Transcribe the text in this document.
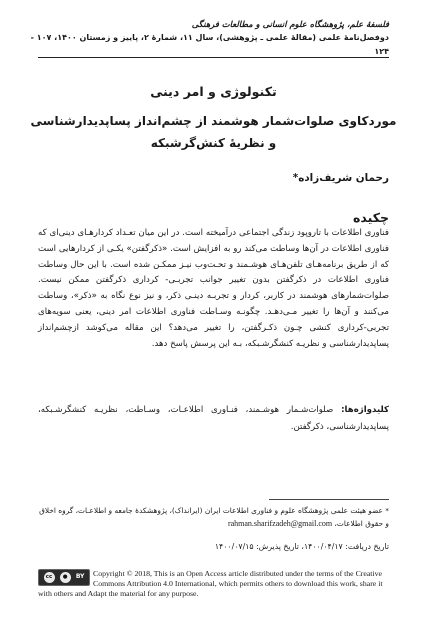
فلسفهٔ علم، پژوهشگاه علوم انسانی و مطالعات فرهنگی
دوفصل‌نامهٔ علمی (مقالهٔ علمی ـ پژوهشی)، سال ۱۱، شمارهٔ ۲، پاییز و زمستان ۱۴۰۰، ۱۰۷ - ۱۲۴
تکنولوژی و امر دینی
موردکاوی صلوات‌شمار هوشمند از چشم‌انداز پساپدیدارشناسی
و نظریهٔ کنش‌گرشبکه
رحمان شریف‌زاده*
چکیده
فناوری اطلاعات با تاروپود زندگی اجتماعی درآمیخته است. در این میان تعـداد کردارهـای دینی‌ای که فناوری اطلاعات در آن‌ها وساطت می‌کند رو به افزایش است. «ذکرگفتن» یکـی از کردارهایی است که از طریق برنامه‌هـای تلفن‌هـای هوشـمند و تحـت‌وب نیـز ممکـن شده است. با این حال وساطت فناوری اطلاعات در ذکرگفتن بدون تغییر جوانب تجربـی- کرداری ذکرگفتن ممکن نیست. صلوات‌شمارهای هوشمند در کاربر، کردار و تجربـه دینـی ذکر، و نیز نوع نگاه به «ذکر»، وساطت می‌کنند و آن‌ها را تغییر مـی‌دهـد. چگونـه وسـاطت فناوری اطلاعات امر دینی، یعنی سویه‌های تجربی-کرداری کنشی چـون ذکـرگفتن، را تغییر می‌دهد؟ این مقاله می‌کوشد ازچشم‌انداز پساپدیدارشناسی و نظریـه کنشگرشـبکه، بـه این پرسش پاسخ دهد.
کلیدواژه‌ها: صلوات‌شـمار هوشـمند، فنـاوری اطلاعـات، وسـاطت، نظریـه کنشگرشـبکه، پساپدیدارشناسی، ذکرگفتن.
* عضو هیئت علمی پژوهشگاه علوم و فناوری اطلاعات ایران (ایرانداک)، پژوهشکدهٔ جامعه و اطلاعـات، گروه اخلاق و حقوق اطلاعات، rahman.sharifzadeh@gmail.com
تاریخ دریافت: ۱۴۰۰/۰۴/۱۷، تاریخ پذیرش: ۱۴۰۰/۰۷/۱۵
cc	●	BY Copyright © 2018, This is an Open Access article distributed under the terms of the Creative Commons Attribution 4.0 International, which permits others to download this work, share it with others and Adapt the material for any purpose.
